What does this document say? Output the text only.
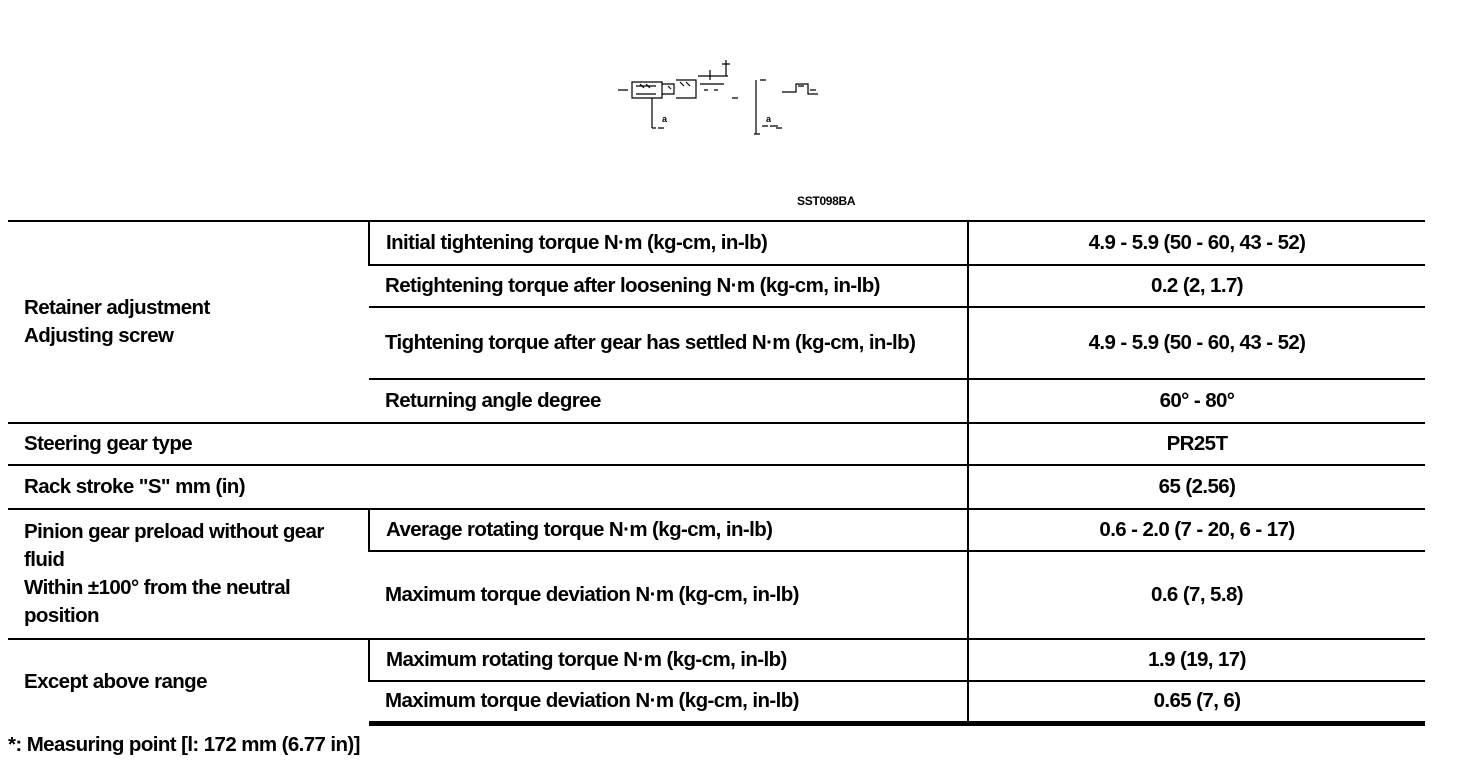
a	a
SST098BA
Retainer adjustment
Adjusting screw	Initial tightening torque N·m (kg-cm, in-lb)	4.9 - 5.9 (50 - 60, 43 - 52)
	Retightening torque after loosening N·m (kg-cm, in-lb)	0.2 (2, 1.7)
	Tightening torque after gear has settled N·m (kg-cm, in-lb)	4.9 - 5.9 (50 - 60, 43 - 52)
	Returning angle degree	60° - 80°
Steering gear type		PR25T
Rack stroke "S" mm (in)		65 (2.56)
Pinion gear preload without gear fluid
Within ±100° from the neutral position	Average rotating torque N·m (kg-cm, in-lb)	0.6 - 2.0 (7 - 20, 6 - 17)
	Maximum torque deviation N·m (kg-cm, in-lb)	0.6 (7, 5.8)
Except above range	Maximum rotating torque N·m (kg-cm, in-lb)	1.9 (19, 17)
	Maximum torque deviation N·m (kg-cm, in-lb)	0.65 (7, 6)
*: Measuring point [l: 172 mm (6.77 in)]
